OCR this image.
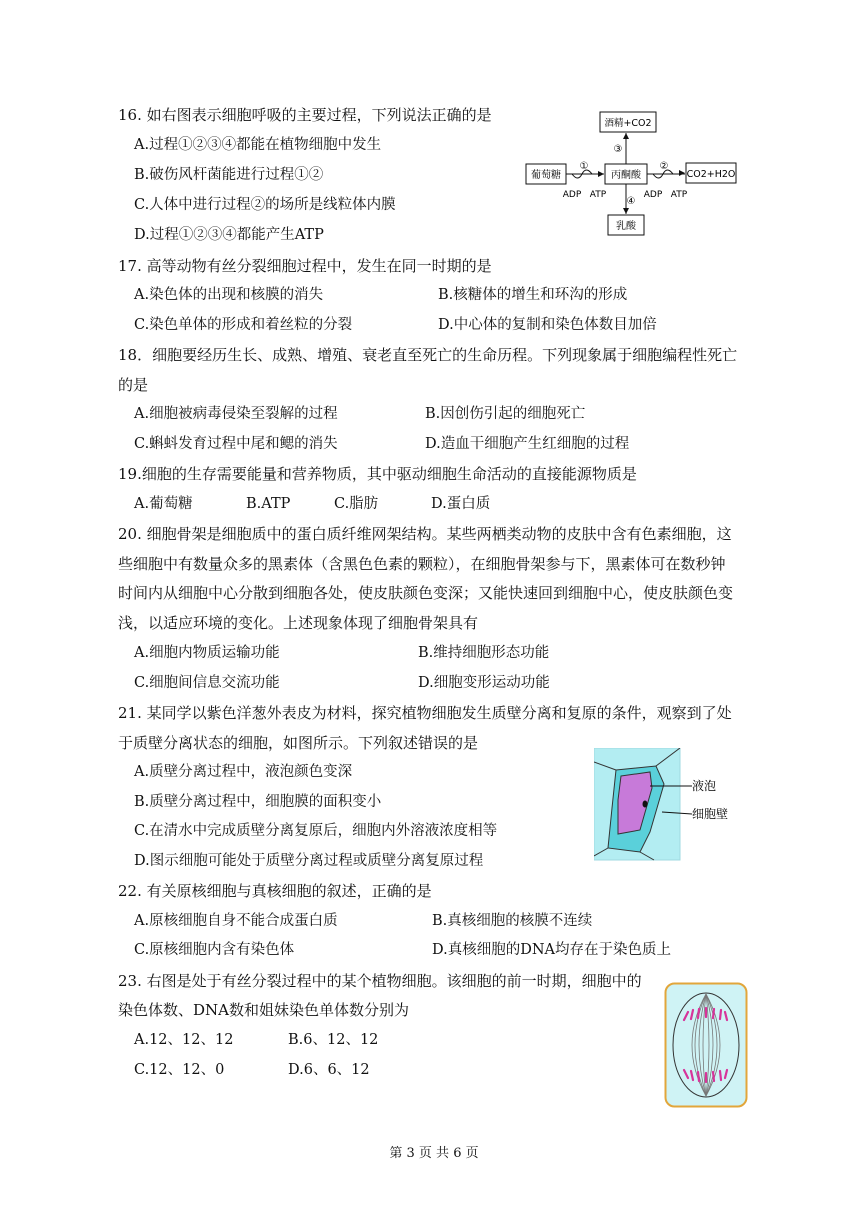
16. 如右图表示细胞呼吸的主要过程，下列说法正确的是
A.过程①②③④都能在植物细胞中发生
B.破伤风杆菌能进行过程①②
C.人体中进行过程②的场所是线粒体内膜
D.过程①②③④都能产生ATP
酒精+CO2
葡萄糖	丙酮酸	CO2+H2O
乳酸
①	②
③
④
ADP ATP	ADP ATP
17. 高等动物有丝分裂细胞过程中，发生在同一时期的是
A.染色体的出现和核膜的消失	B.核糖体的增生和环沟的形成
C.染色单体的形成和着丝粒的分裂	D.中心体的复制和染色体数目加倍
18．细胞要经历生长、成熟、增殖、衰老直至死亡的生命历程。下列现象属于细胞编程性死亡
的是
A.细胞被病毒侵染至裂解的过程	B.因创伤引起的细胞死亡
C.蝌蚪发育过程中尾和鳃的消失	D.造血干细胞产生红细胞的过程
19.细胞的生存需要能量和营养物质，其中驱动细胞生命活动的直接能源物质是
A.葡萄糖	B.ATP	C.脂肪	D.蛋白质
20. 细胞骨架是细胞质中的蛋白质纤维网架结构。某些两栖类动物的皮肤中含有色素细胞，这
些细胞中有数量众多的黑素体（含黑色色素的颗粒），在细胞骨架参与下，黑素体可在数秒钟
时间内从细胞中心分散到细胞各处，使皮肤颜色变深；又能快速回到细胞中心，使皮肤颜色变
浅，以适应环境的变化。上述现象体现了细胞骨架具有
A.细胞内物质运输功能	B.维持细胞形态功能
C.细胞间信息交流功能	D.细胞变形运动功能
21. 某同学以紫色洋葱外表皮为材料，探究植物细胞发生质壁分离和复原的条件，观察到了处
于质壁分离状态的细胞，如图所示。下列叙述错误的是
A.质壁分离过程中，液泡颜色变深
B.质壁分离过程中，细胞膜的面积变小
C.在清水中完成质壁分离复原后，细胞内外溶液浓度相等
D.图示细胞可能处于质壁分离过程或质壁分离复原过程
液泡
细胞壁
22. 有关原核细胞与真核细胞的叙述，正确的是
A.原核细胞自身不能合成蛋白质	B.真核细胞的核膜不连续
C.原核细胞内含有染色体	D.真核细胞的DNA均存在于染色质上
23. 右图是处于有丝分裂过程中的某个植物细胞。该细胞的前一时期，细胞中的
染色体数、DNA数和姐妹染色单体数分别为
A.12、12、12	B.6、12、12
C.12、12、0	D.6、6、12
第 3 页 共 6 页
